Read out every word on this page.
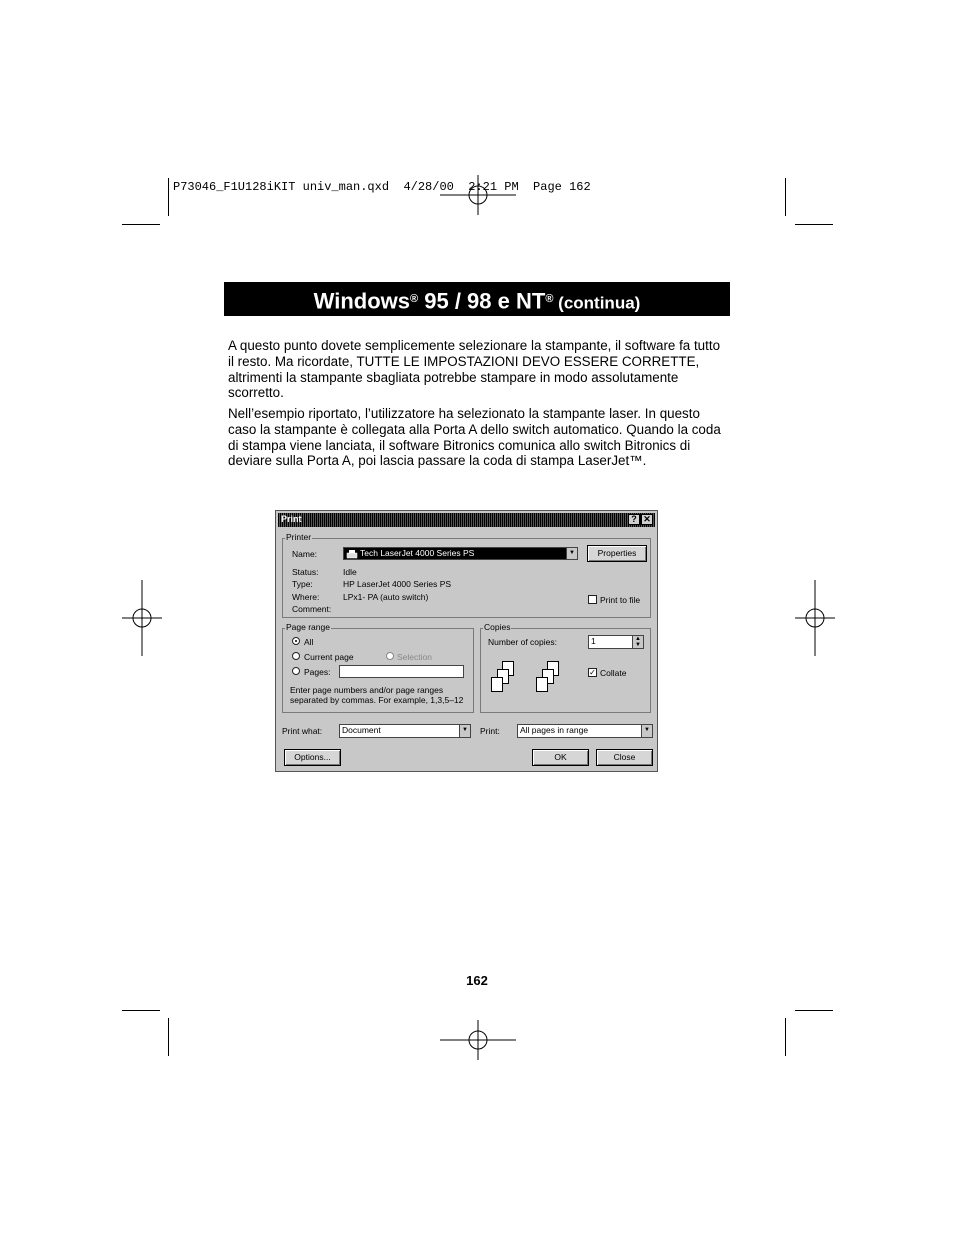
P73046_F1U128iKIT univ_man.qxd  4/28/00  2:21 PM  Page 162
Windows® 95 / 98 e NT® (continua)
A questo punto dovete semplicemente selezionare la stampante, il software fa tutto il resto. Ma ricordate, TUTTE LE IMPOSTAZIONI DEVO ESSERE CORRETTE, altrimenti la stampante sbagliata potrebbe stampare in modo assolutamente scorretto.
Nell’esempio riportato, l’utilizzatore ha selezionato la stampante laser. In questo caso la stampante è collegata alla Porta A dello switch automatico. Quando la coda di stampa viene lanciata, il software Bitronics comunica allo switch Bitronics di deviare sulla Porta A, poi lascia passare la coda di stampa LaserJet™.
Print	? ✕
Printer
Name:	Tech LaserJet 4000 Series PS	▼	Properties
Status:	Idle
Type:	HP LaserJet 4000 Series PS
Where:	LPx1- PA (auto switch)
Comment:
Print to file
Page range
All
Current page	Selection
Pages:
Enter page numbers and/or page ranges
separated by commas. For example, 1,3,5–12
Copies
Number of copies:	1	▲
▼
✓ Collate
Print what:	Document	▼ Print:	All pages in range	▼
Options...	OK	Close
162
